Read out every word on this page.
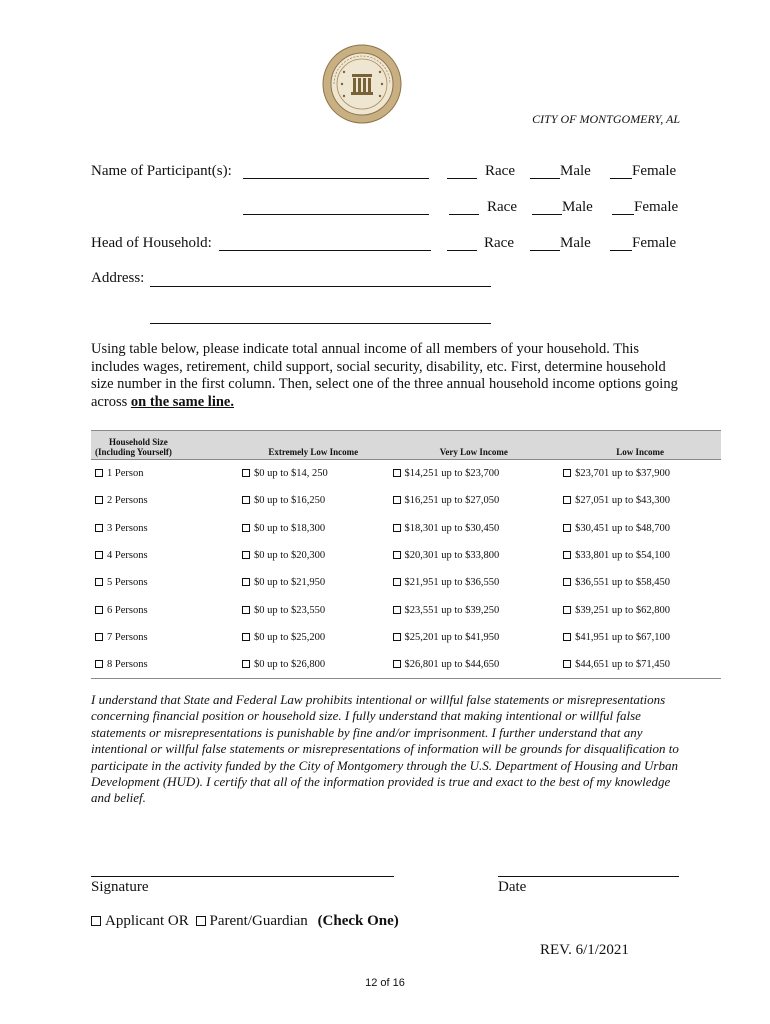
CITY OF MONTGOMERY, AL
Name of Participant(s):	Race	Male	Female
Race	Male	Female
Head of Household:	Race	Male	Female
Address:
Using table below, please indicate total annual income of all members of your household. This includes wages, retirement, child support, social security, disability, etc. First, determine household size number in the first column. Then, select one of the three annual household income options going across on the same line.
Household Size
(Including Yourself)	Extremely Low Income	Very Low Income	Low Income
1 Person	$0 up to $14, 250	$14,251 up to $23,700	$23,701 up to $37,900
2 Persons	$0 up to $16,250	$16,251 up to $27,050	$27,051 up to $43,300
3 Persons	$0 up to $18,300	$18,301 up to $30,450	$30,451 up to $48,700
4 Persons	$0 up to $20,300	$20,301 up to $33,800	$33,801 up to $54,100
5 Persons	$0 up to $21,950	$21,951 up to $36,550	$36,551 up to $58,450
6 Persons	$0 up to $23,550	$23,551 up to $39,250	$39,251 up to $62,800
7 Persons	$0 up to $25,200	$25,201 up to $41,950	$41,951 up to $67,100
8 Persons	$0 up to $26,800	$26,801 up to $44,650	$44,651 up to $71,450
I understand that State and Federal Law prohibits intentional or willful false statements or misrepresentations concerning financial position or household size. I fully understand that making intentional or willful false statements or misrepresentations is punishable by fine and/or imprisonment. I further understand that any intentional or willful false statements or misrepresentations of information will be grounds for disqualification to participate in the activity funded by the City of Montgomery through the U.S. Department of Housing and Urban Development (HUD). I certify that all of the information provided is true and exact to the best of my knowledge and belief.
Signature	Date
Applicant OR Parent/Guardian (Check One)
REV. 6/1/2021
12 of 16
